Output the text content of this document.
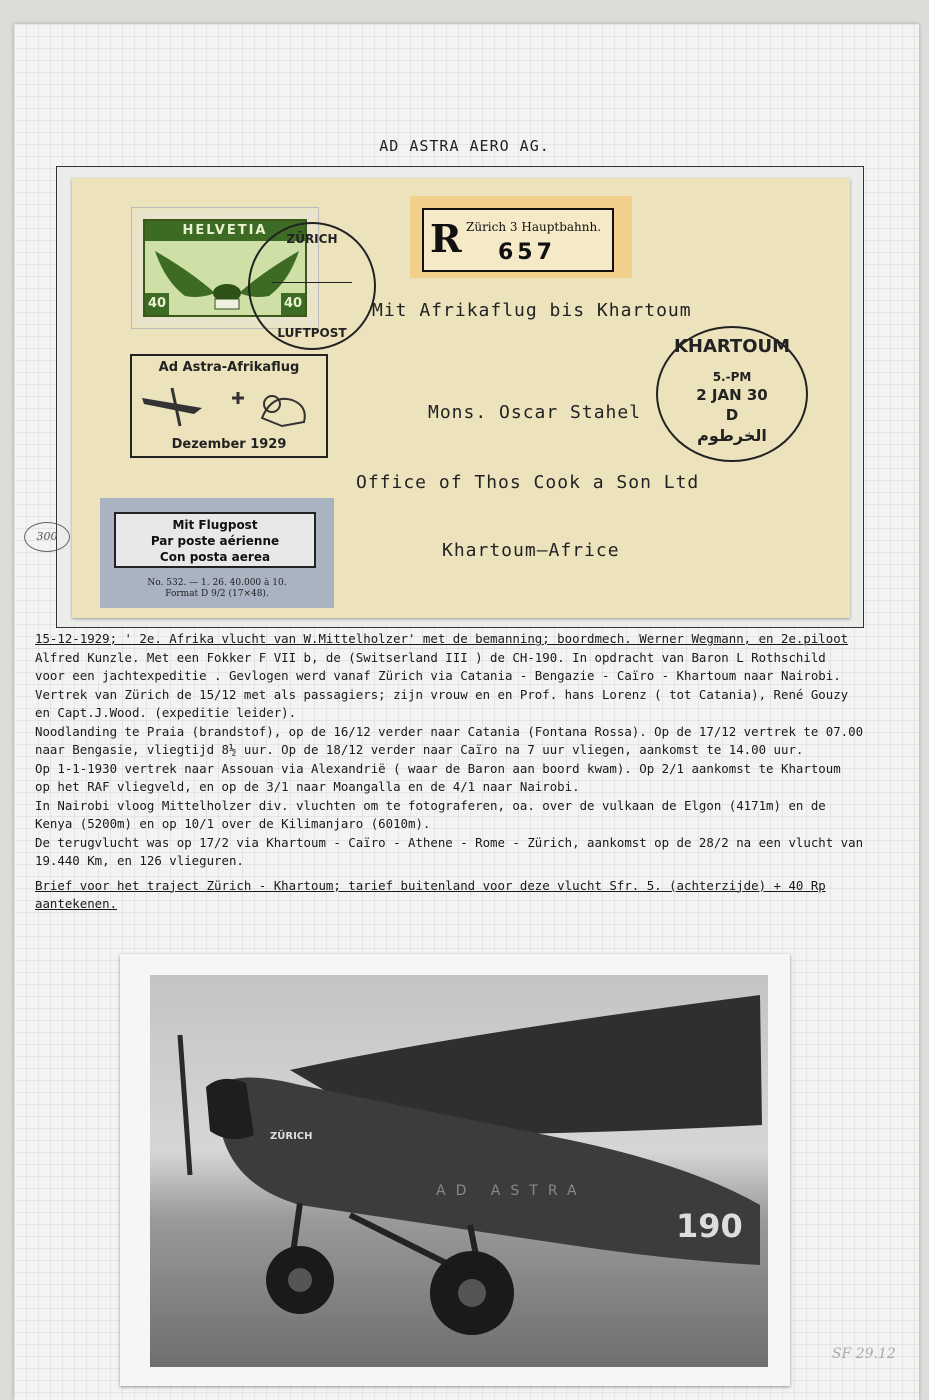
AD ASTRA AERO AG.
HELVETIA
40	40
ZÜRICH
LUFTPOST
R Zürich 3 Hauptbahnh.
657
Mit Afrikaflug bis Khartoum
Mons. Oscar Stahel
Office of Thos Cook a Son Ltd
Khartoum—Africe
KHARTOUM
5.-PM
2 JAN 30
D
الخرطوم
Ad Astra-Afrikaflug
Dezember 1929
Mit Flugpost
Par poste aérienne
Con posta aerea
No. 532. — 1. 26. 40.000 à 10.
Format D 9/2 (17×48).
300
15-12-1929; ' 2e. Afrika vlucht van W.Mittelholzer' met de bemanning; boordmech. Werner Wegmann, en 2e.piloot
Alfred Kunzle. Met een Fokker F VII b, de (Switserland III ) de CH-190. In opdracht van Baron L Rothschild
voor een jachtexpeditie . Gevlogen werd vanaf Zürich via Catania - Bengazie - Caïro - Khartoum naar Nairobi.
Vertrek van Zürich de 15/12 met als passagiers; zijn vrouw en en Prof. hans Lorenz ( tot Catania), René Gouzy
en Capt.J.Wood. (expeditie leider).
Noodlanding te Praia (brandstof), op de 16/12 verder naar Catania (Fontana Rossa). Op de 17/12 vertrek te 07.00
naar Bengasie, vliegtijd 8½ uur. Op de 18/12 verder naar Caïro na 7 uur vliegen, aankomst te 14.00 uur.
Op 1-1-1930 vertrek naar Assouan via Alexandrië ( waar de Baron aan boord kwam). Op 2/1 aankomst te Khartoum
op het RAF vliegveld, en op de 3/1 naar Moangalla en de 4/1 naar Nairobi.
In Nairobi vloog Mittelholzer div. vluchten om te fotograferen, oa. over de vulkaan de Elgon (4171m) en de
Kenya (5200m) en op 10/1 over de Kilimanjaro (6010m).
De terugvlucht was op 17/2 via Khartoum - Caïro - Athene - Rome - Zürich, aankomst op de 28/2 na een vlucht van
19.440 Km, en 126 vlieguren.
Brief voor het traject Zürich - Khartoum; tarief buitenland voor deze vlucht Sfr. 5. (achterzijde) + 40 Rp
aantekenen.
ZÜRICH
AD ASTRA
190
SF 29.12
